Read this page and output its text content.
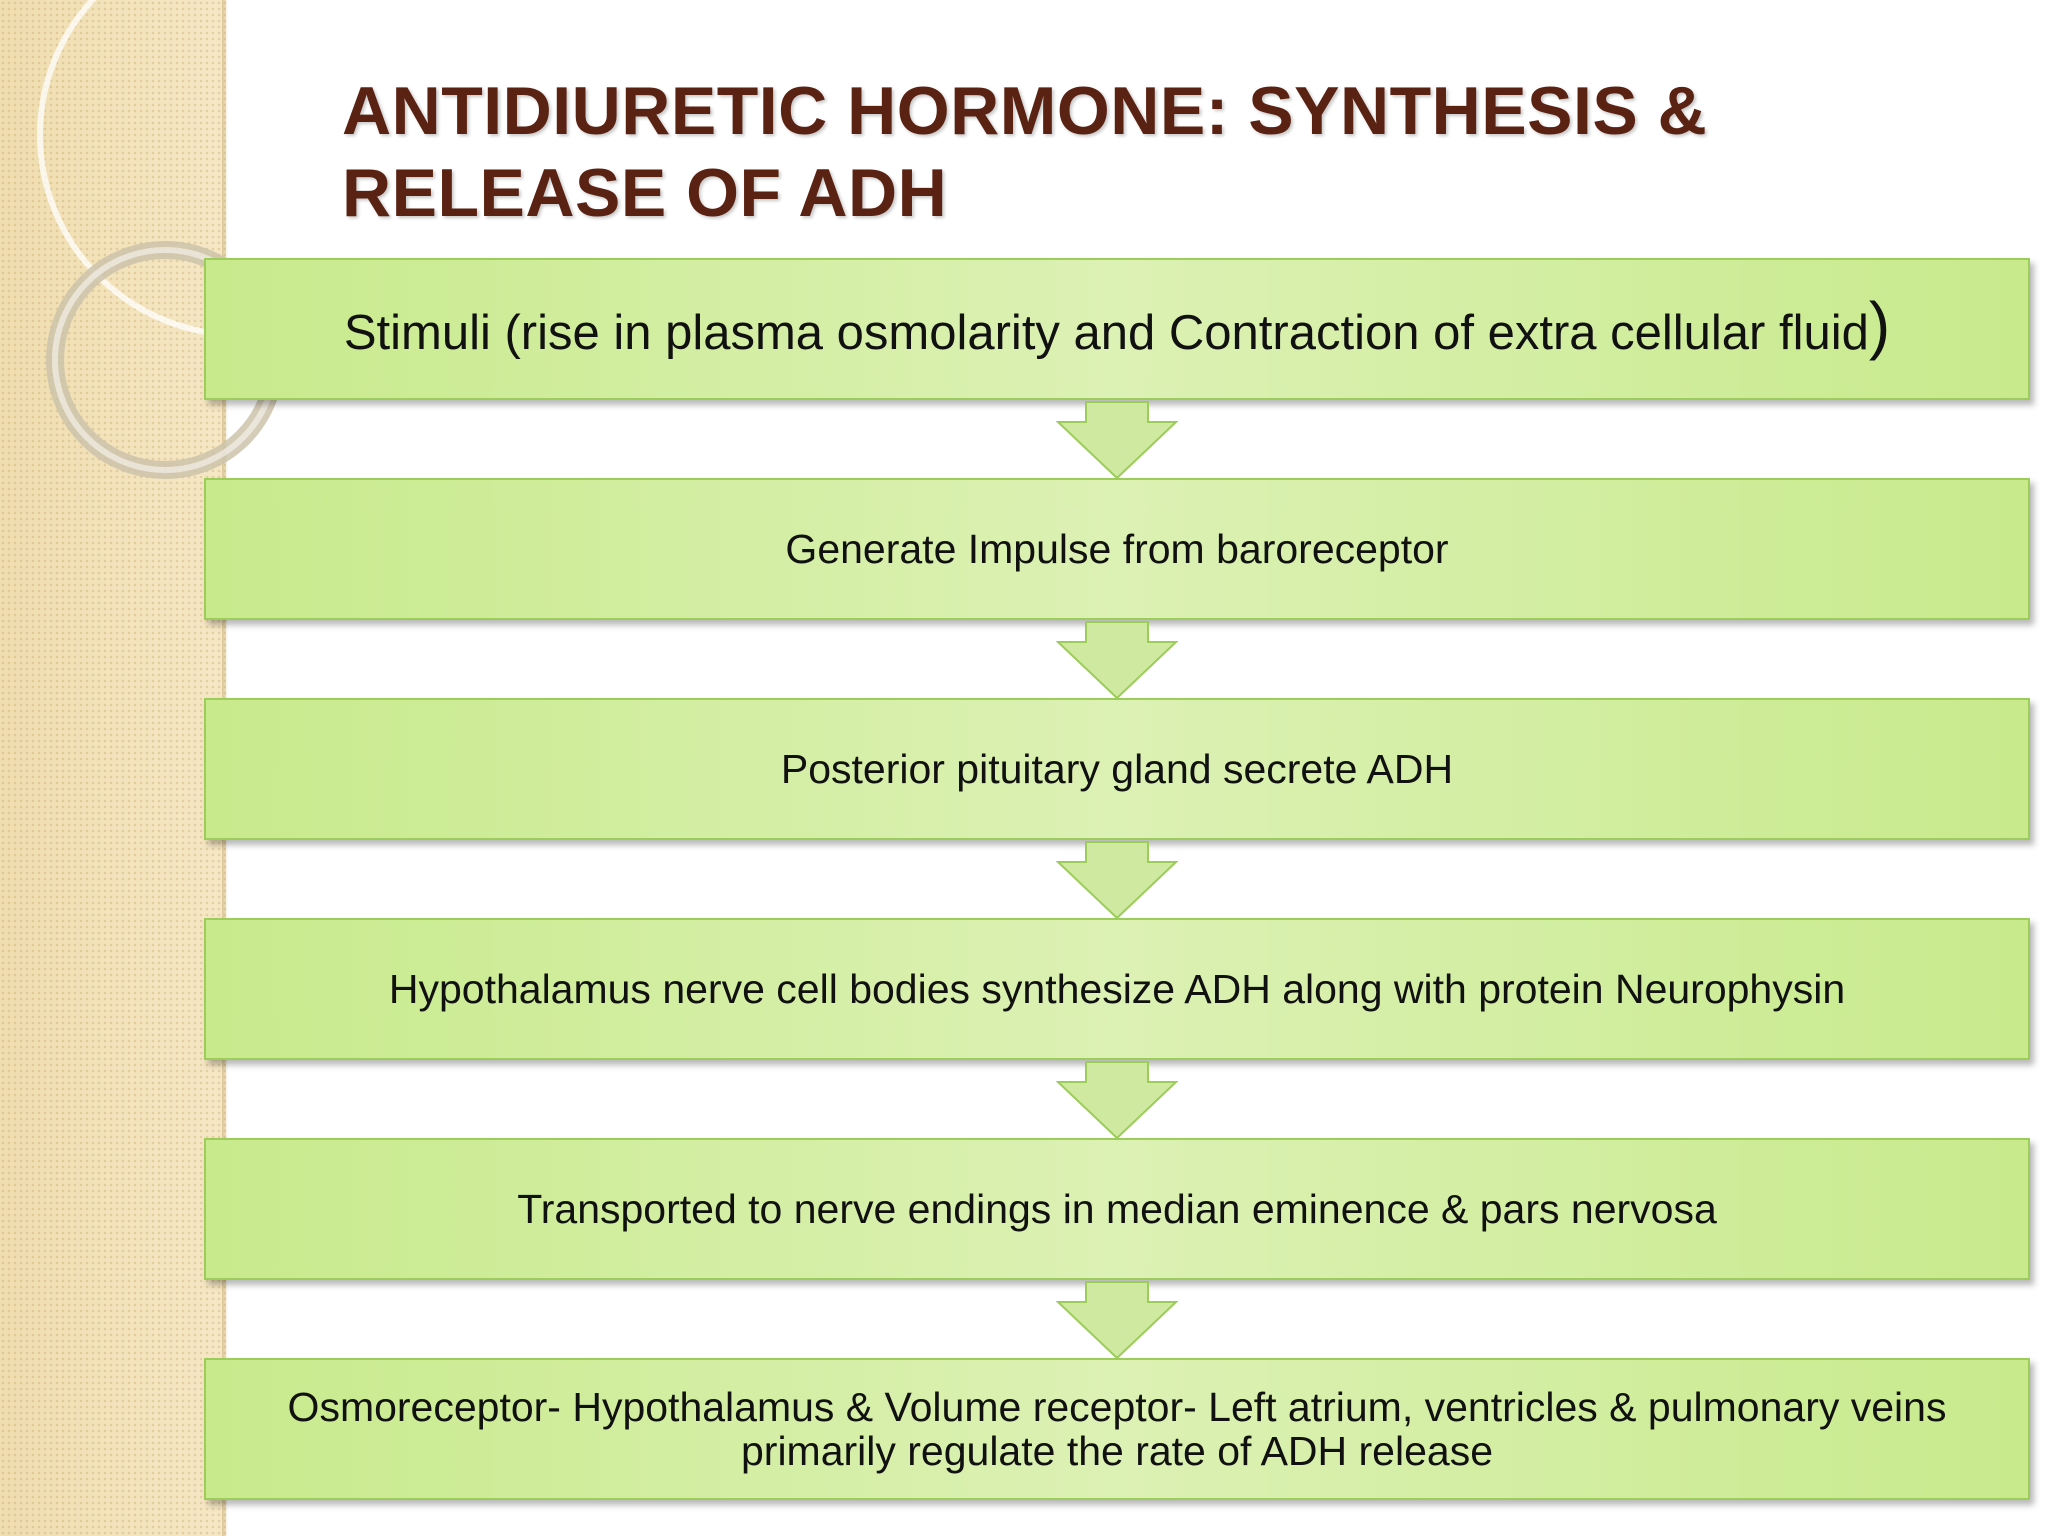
ANTIDIURETIC HORMONE: SYNTHESIS &
RELEASE OF ADH
Stimuli (rise in plasma osmolarity and Contraction of extra cellular fluid)
Generate Impulse from baroreceptor
Posterior pituitary gland secrete ADH
Hypothalamus nerve cell bodies synthesize ADH along with protein Neurophysin
Transported to nerve endings in median eminence & pars nervosa
Osmoreceptor- Hypothalamus & Volume receptor- Left atrium, ventricles & pulmonary veins
primarily regulate the rate of ADH release
